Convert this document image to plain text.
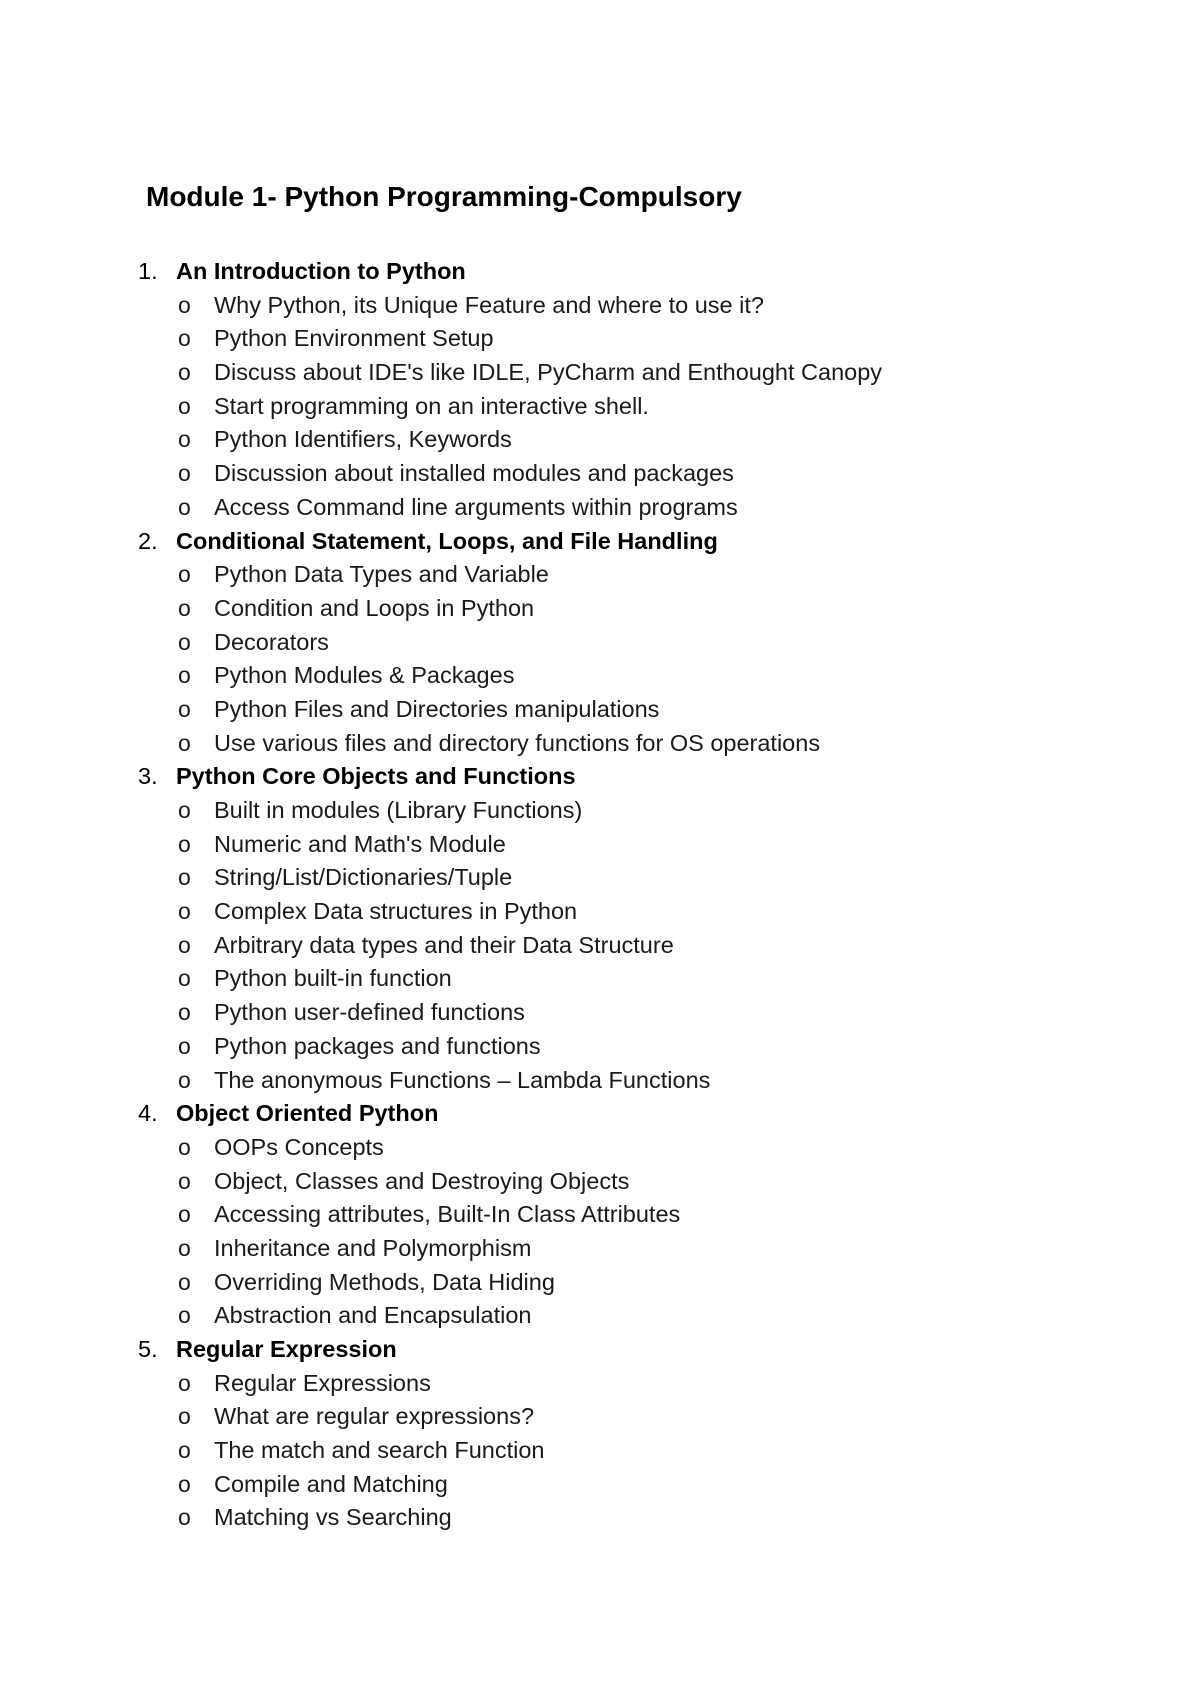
Module 1- Python Programming-Compulsory
1. An Introduction to Python
o Why Python, its Unique Feature and where to use it?
o Python Environment Setup
o Discuss about IDE's like IDLE, PyCharm and Enthought Canopy
o Start programming on an interactive shell.
o Python Identifiers, Keywords
o Discussion about installed modules and packages
o Access Command line arguments within programs
2. Conditional Statement, Loops, and File Handling
o Python Data Types and Variable
o Condition and Loops in Python
o Decorators
o Python Modules & Packages
o Python Files and Directories manipulations
o Use various files and directory functions for OS operations
3. Python Core Objects and Functions
o Built in modules (Library Functions)
o Numeric and Math's Module
o String/List/Dictionaries/Tuple
o Complex Data structures in Python
o Arbitrary data types and their Data Structure
o Python built-in function
o Python user-defined functions
o Python packages and functions
o The anonymous Functions – Lambda Functions
4. Object Oriented Python
o OOPs Concepts
o Object, Classes and Destroying Objects
o Accessing attributes, Built-In Class Attributes
o Inheritance and Polymorphism
o Overriding Methods, Data Hiding
o Abstraction and Encapsulation
5. Regular Expression
o Regular Expressions
o What are regular expressions?
o The match and search Function
o Compile and Matching
o Matching vs Searching
